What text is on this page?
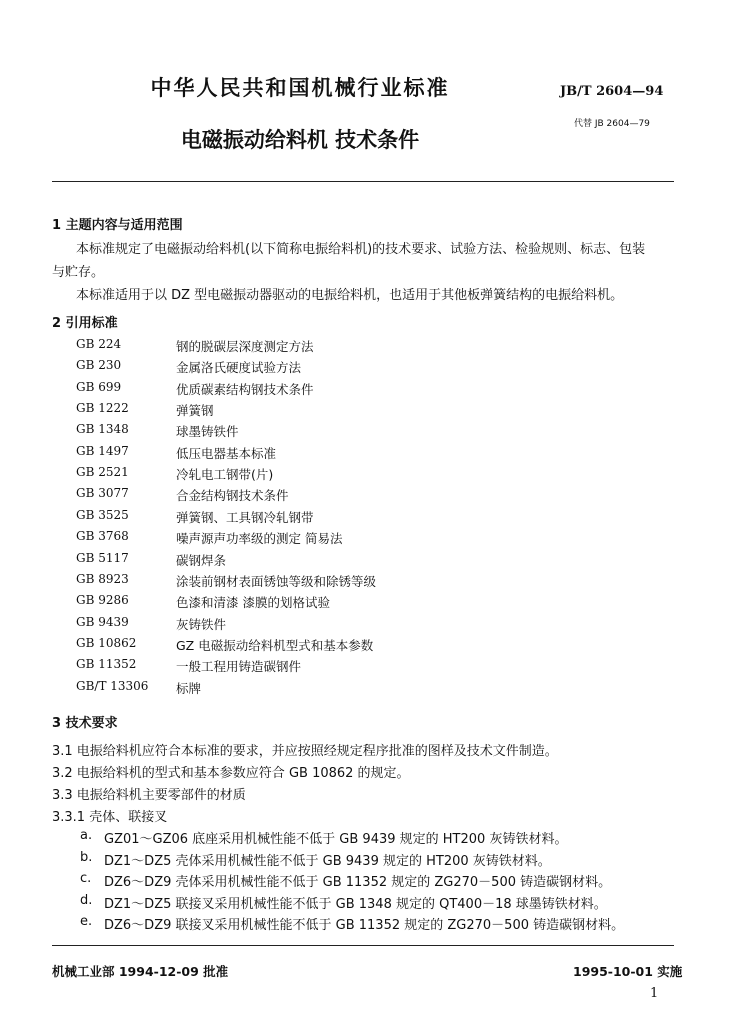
中华人民共和国机械行业标准	JB/T 2604—94
代替 JB 2604—79
电磁振动给料机 技术条件
1 主题内容与适用范围
本标准规定了电磁振动给料机(以下简称电振给料机)的技术要求、试验方法、检验规则、标志、包装
与贮存。
本标准适用于以 DZ 型电磁振动器驱动的电振给料机，也适用于其他板弹簧结构的电振给料机。
2 引用标准
GB 224	钢的脱碳层深度测定方法
GB 230	金属洛氏硬度试验方法
GB 699	优质碳素结构钢技术条件
GB 1222	弹簧钢
GB 1348	球墨铸铁件
GB 1497	低压电器基本标准
GB 2521	冷轧电工钢带(片)
GB 3077	合金结构钢技术条件
GB 3525	弹簧钢、工具钢冷轧钢带
GB 3768	噪声源声功率级的测定 简易法
GB 5117	碳钢焊条
GB 8923	涂装前钢材表面锈蚀等级和除锈等级
GB 9286	色漆和清漆 漆膜的划格试验
GB 9439	灰铸铁件
GB 10862	GZ 电磁振动给料机型式和基本参数
GB 11352	一般工程用铸造碳钢件
GB/T 13306 标牌
3 技术要求
3.1 电振给料机应符合本标准的要求，并应按照经规定程序批准的图样及技术文件制造。
3.2 电振给料机的型式和基本参数应符合 GB 10862 的规定。
3.3 电振给料机主要零部件的材质
3.3.1 壳体、联接叉
a. GZ01～GZ06 底座采用机械性能不低于 GB 9439 规定的 HT200 灰铸铁材料。
b. DZ1～DZ5 壳体采用机械性能不低于 GB 9439 规定的 HT200 灰铸铁材料。
c. DZ6～DZ9 壳体采用机械性能不低于 GB 11352 规定的 ZG270－500 铸造碳钢材料。
d. DZ1～DZ5 联接叉采用机械性能不低于 GB 1348 规定的 QT400－18 球墨铸铁材料。
e. DZ6～DZ9 联接叉采用机械性能不低于 GB 11352 规定的 ZG270－500 铸造碳钢材料。
机械工业部 1994-12-09 批准	1995-10-01 实施
1
